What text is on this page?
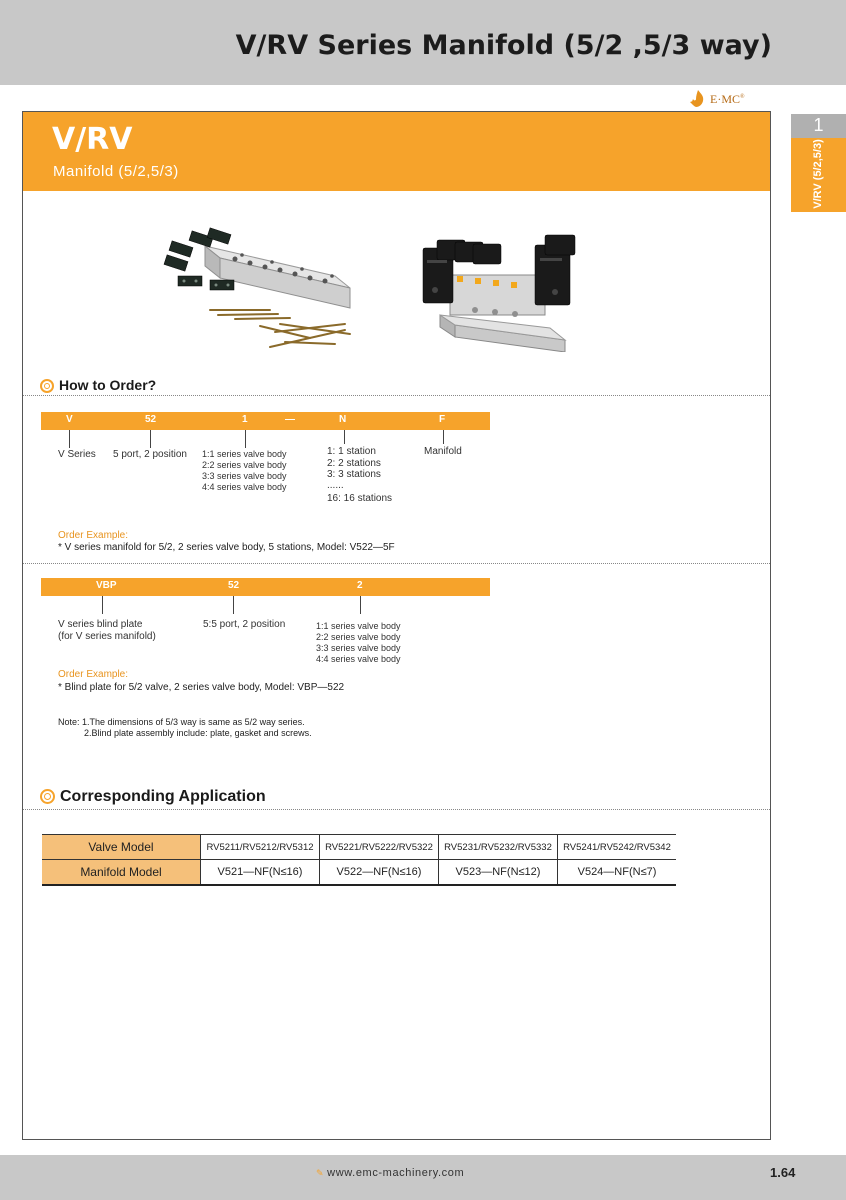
V/RV Series Manifold (5/2 ,5/3 way)
E·MC®
V/RV
Manifold (5/2,5/3)
1
V/RV (5/2,5/3)
How to Order?
V	52	1	—	N	F
V Series 5 port, 2 position 1:1 series valve body
2:2 series valve body
3:3 series valve body
4:4 series valve body
1: 1 station
2: 2 stations
3: 3 stations
......
16: 16 stations
Manifold
Order Example:
* V series manifold for 5/2, 2 series valve body, 5 stations, Model: V522—5F
VBP	52	2
V series blind plate
(for V series manifold)
5:5 port, 2 position	1:1 series valve body
2:2 series valve body
3:3 series valve body
4:4 series valve body
Order Example:
* Blind plate for 5/2 valve, 2 series valve body, Model: VBP—522
Note: 1.The dimensions of 5/3 way is same as 5/2 way series.
2.Blind plate assembly include: plate, gasket and screws.
Corresponding Application
Valve Model	RV5211/RV5212/RV5312	RV5221/RV5222/RV5322	RV5231/RV5232/RV5332	RV5241/RV5242/RV5342
Manifold Model	V521—NF(N≤16)	V522—NF(N≤16)	V523—NF(N≤12)	V524—NF(N≤7)
✎ www.emc-machinery.com	1.64
